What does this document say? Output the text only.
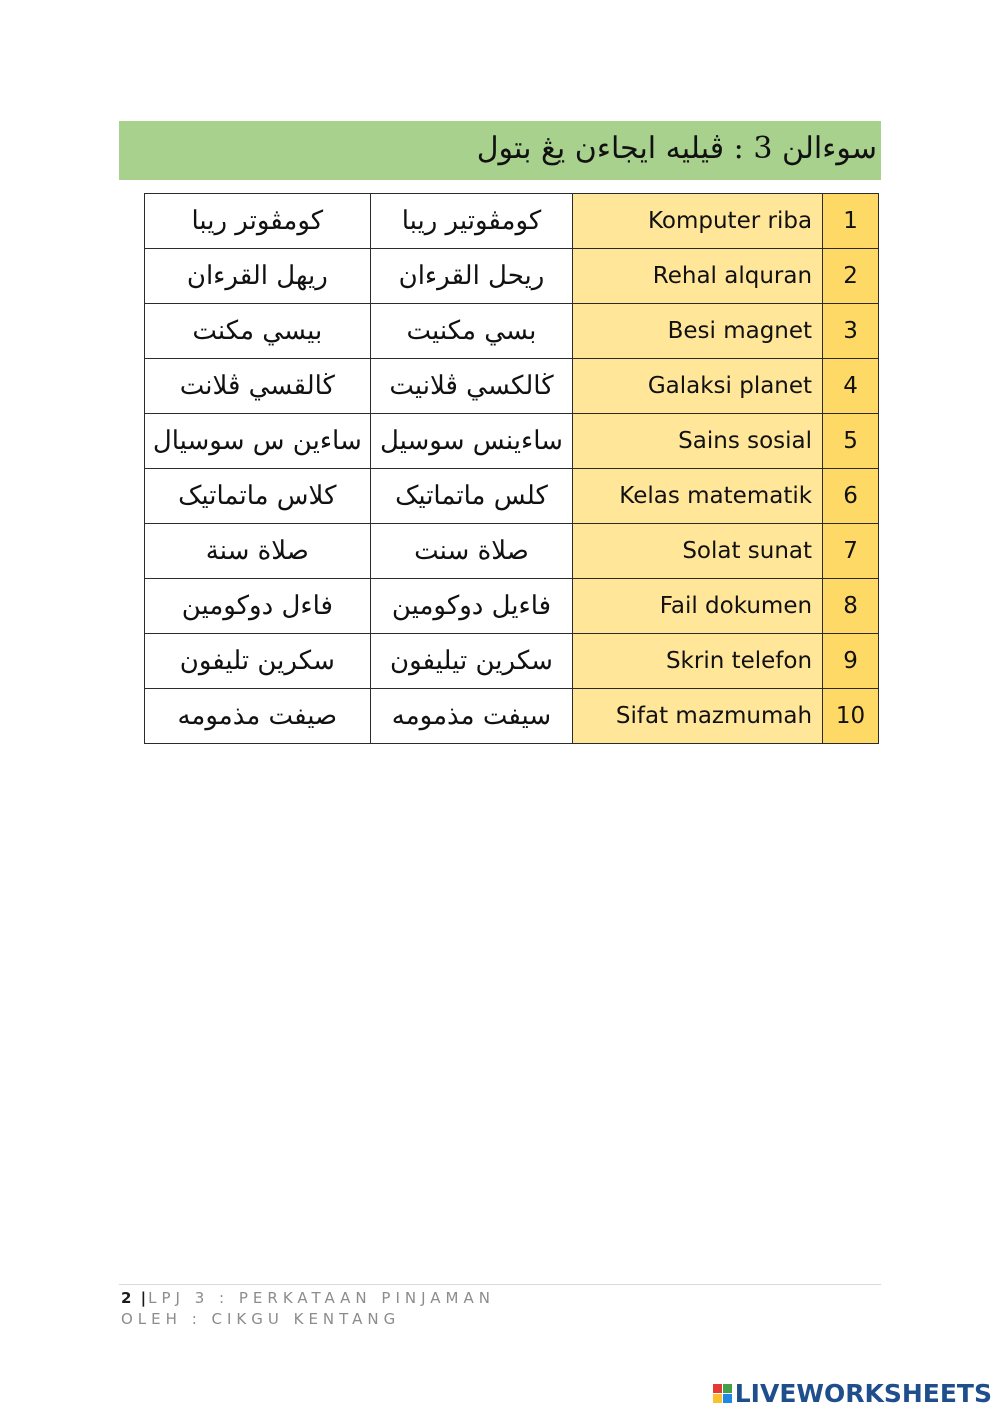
سوءالن 3 : ڤيليه ايجاءن يڠ بتول
كومڤوتر ريبا	كومڤوتير ريبا	Komputer riba	1
ريهل القرءان	ريحل القرءان	Rehal alquran	2
بيسي مكنت	بسي مكنيت	Besi magnet	3
ڬالقسي ڤلانت	ڬالكسي ڤلانيت	Galaksi planet	4
ساءين س سوسيال	ساءينس سوسيل	Sains sosial	5
كلاس ماتماتيک	كلس ماتماتيک	Kelas matematik	6
صلاة سنة	صلاة سنت	Solat sunat	7
فاءل دوكومين	فاءيل دوكومين	Fail dokumen	8
سكرين تليفون	سكرين تيليفون	Skrin telefon	9
صيفت مذمومه	سيفت مذمومه	Sifat mazmumah	10
2 |LPJ 3 : PERKATAAN PINJAMAN
OLEH : CIKGU KENTANG
LIVEWORKSHEETS
